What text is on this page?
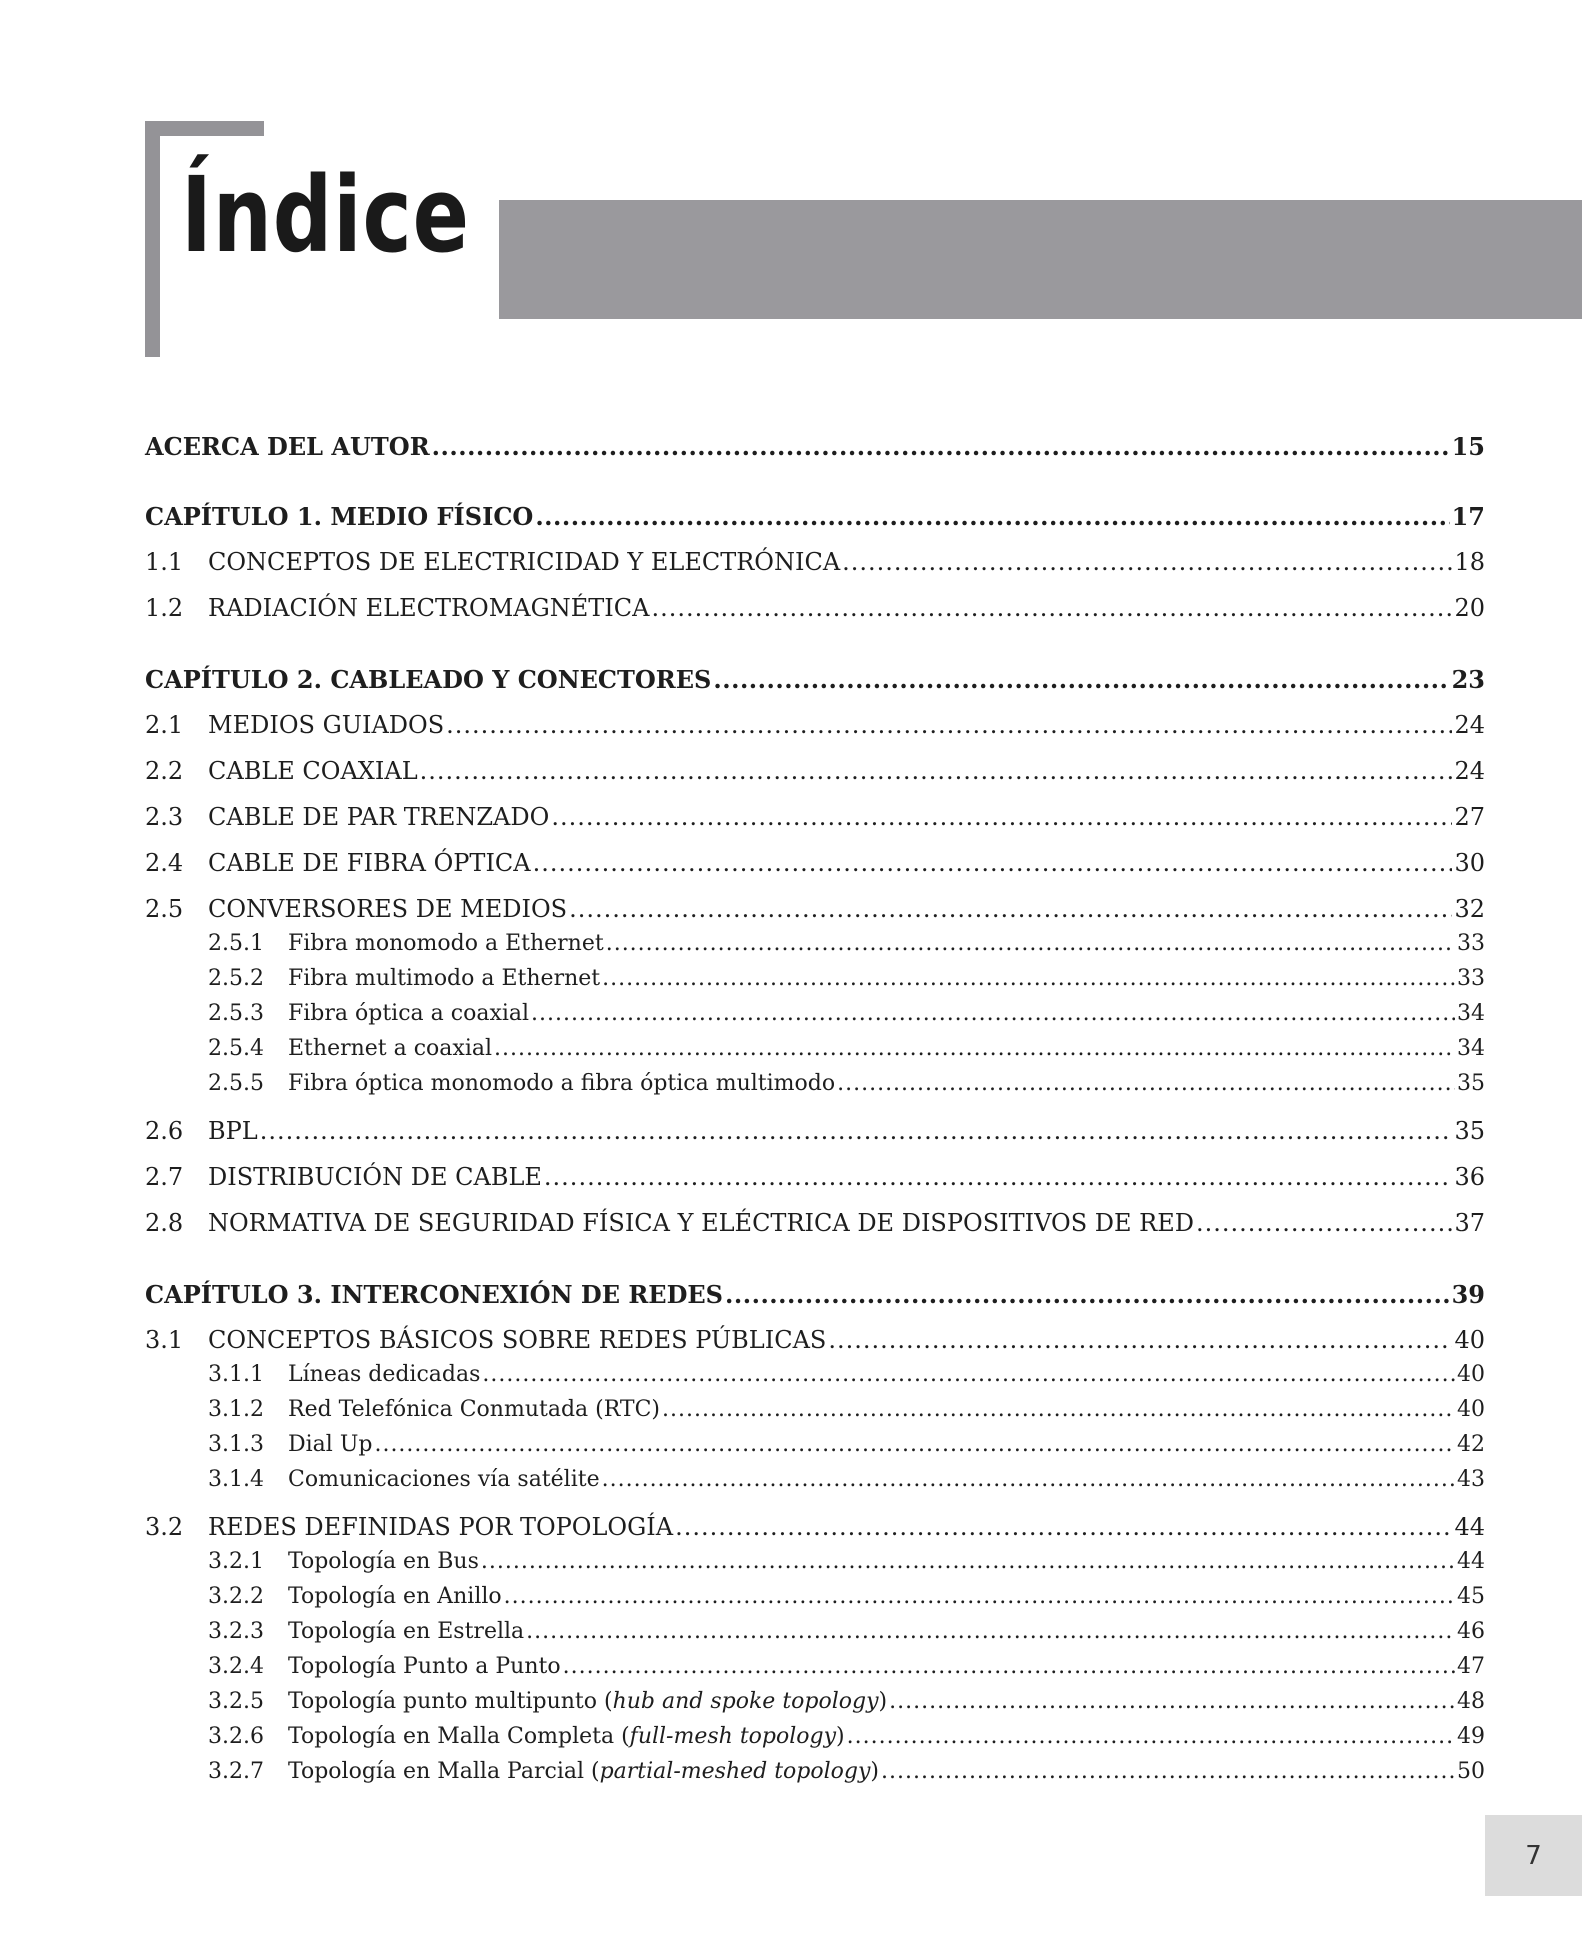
Índice
ACERCA DEL AUTOR .....	15
CAPÍTULO 1. MEDIO FÍSICO .....	17
1.1	CONCEPTOS DE ELECTRICIDAD Y ELECTRÓNICA .....	18
1.2	RADIACIÓN ELECTROMAGNÉTICA .....	20
CAPÍTULO 2. CABLEADO Y CONECTORES .....	23
2.1	MEDIOS GUIADOS .....	24
2.2	CABLE COAXIAL .....	24
2.3	CABLE DE PAR TRENZADO .....	27
2.4	CABLE DE FIBRA ÓPTICA .....	30
2.5	CONVERSORES DE MEDIOS .....	32
2.5.1	Fibra monomodo a Ethernet .....	33
2.5.2	Fibra multimodo a Ethernet .....	33
2.5.3	Fibra óptica a coaxial .....	34
2.5.4	Ethernet a coaxial .....	34
2.5.5	Fibra óptica monomodo a fibra óptica multimodo .....	35
2.6	BPL .....	35
2.7	DISTRIBUCIÓN DE CABLE .....	36
2.8	NORMATIVA DE SEGURIDAD FÍSICA Y ELÉCTRICA DE DISPOSITIVOS DE RED .....	37
CAPÍTULO 3. INTERCONEXIÓN DE REDES .....	39
3.1	CONCEPTOS BÁSICOS SOBRE REDES PÚBLICAS .....	40
3.1.1	Líneas dedicadas .....	40
3.1.2	Red Telefónica Conmutada (RTC) .....	40
3.1.3	Dial Up .....	42
3.1.4	Comunicaciones vía satélite .....	43
3.2	REDES DEFINIDAS POR TOPOLOGÍA .....	44
3.2.1	Topología en Bus .....	44
3.2.2	Topología en Anillo .....	45
3.2.3	Topología en Estrella .....	46
3.2.4	Topología Punto a Punto .....	47
3.2.5	Topología punto multipunto (hub and spoke topology) .....	48
3.2.6	Topología en Malla Completa (full-mesh topology) .....	49
3.2.7	Topología en Malla Parcial (partial-meshed topology) .....	50
7
